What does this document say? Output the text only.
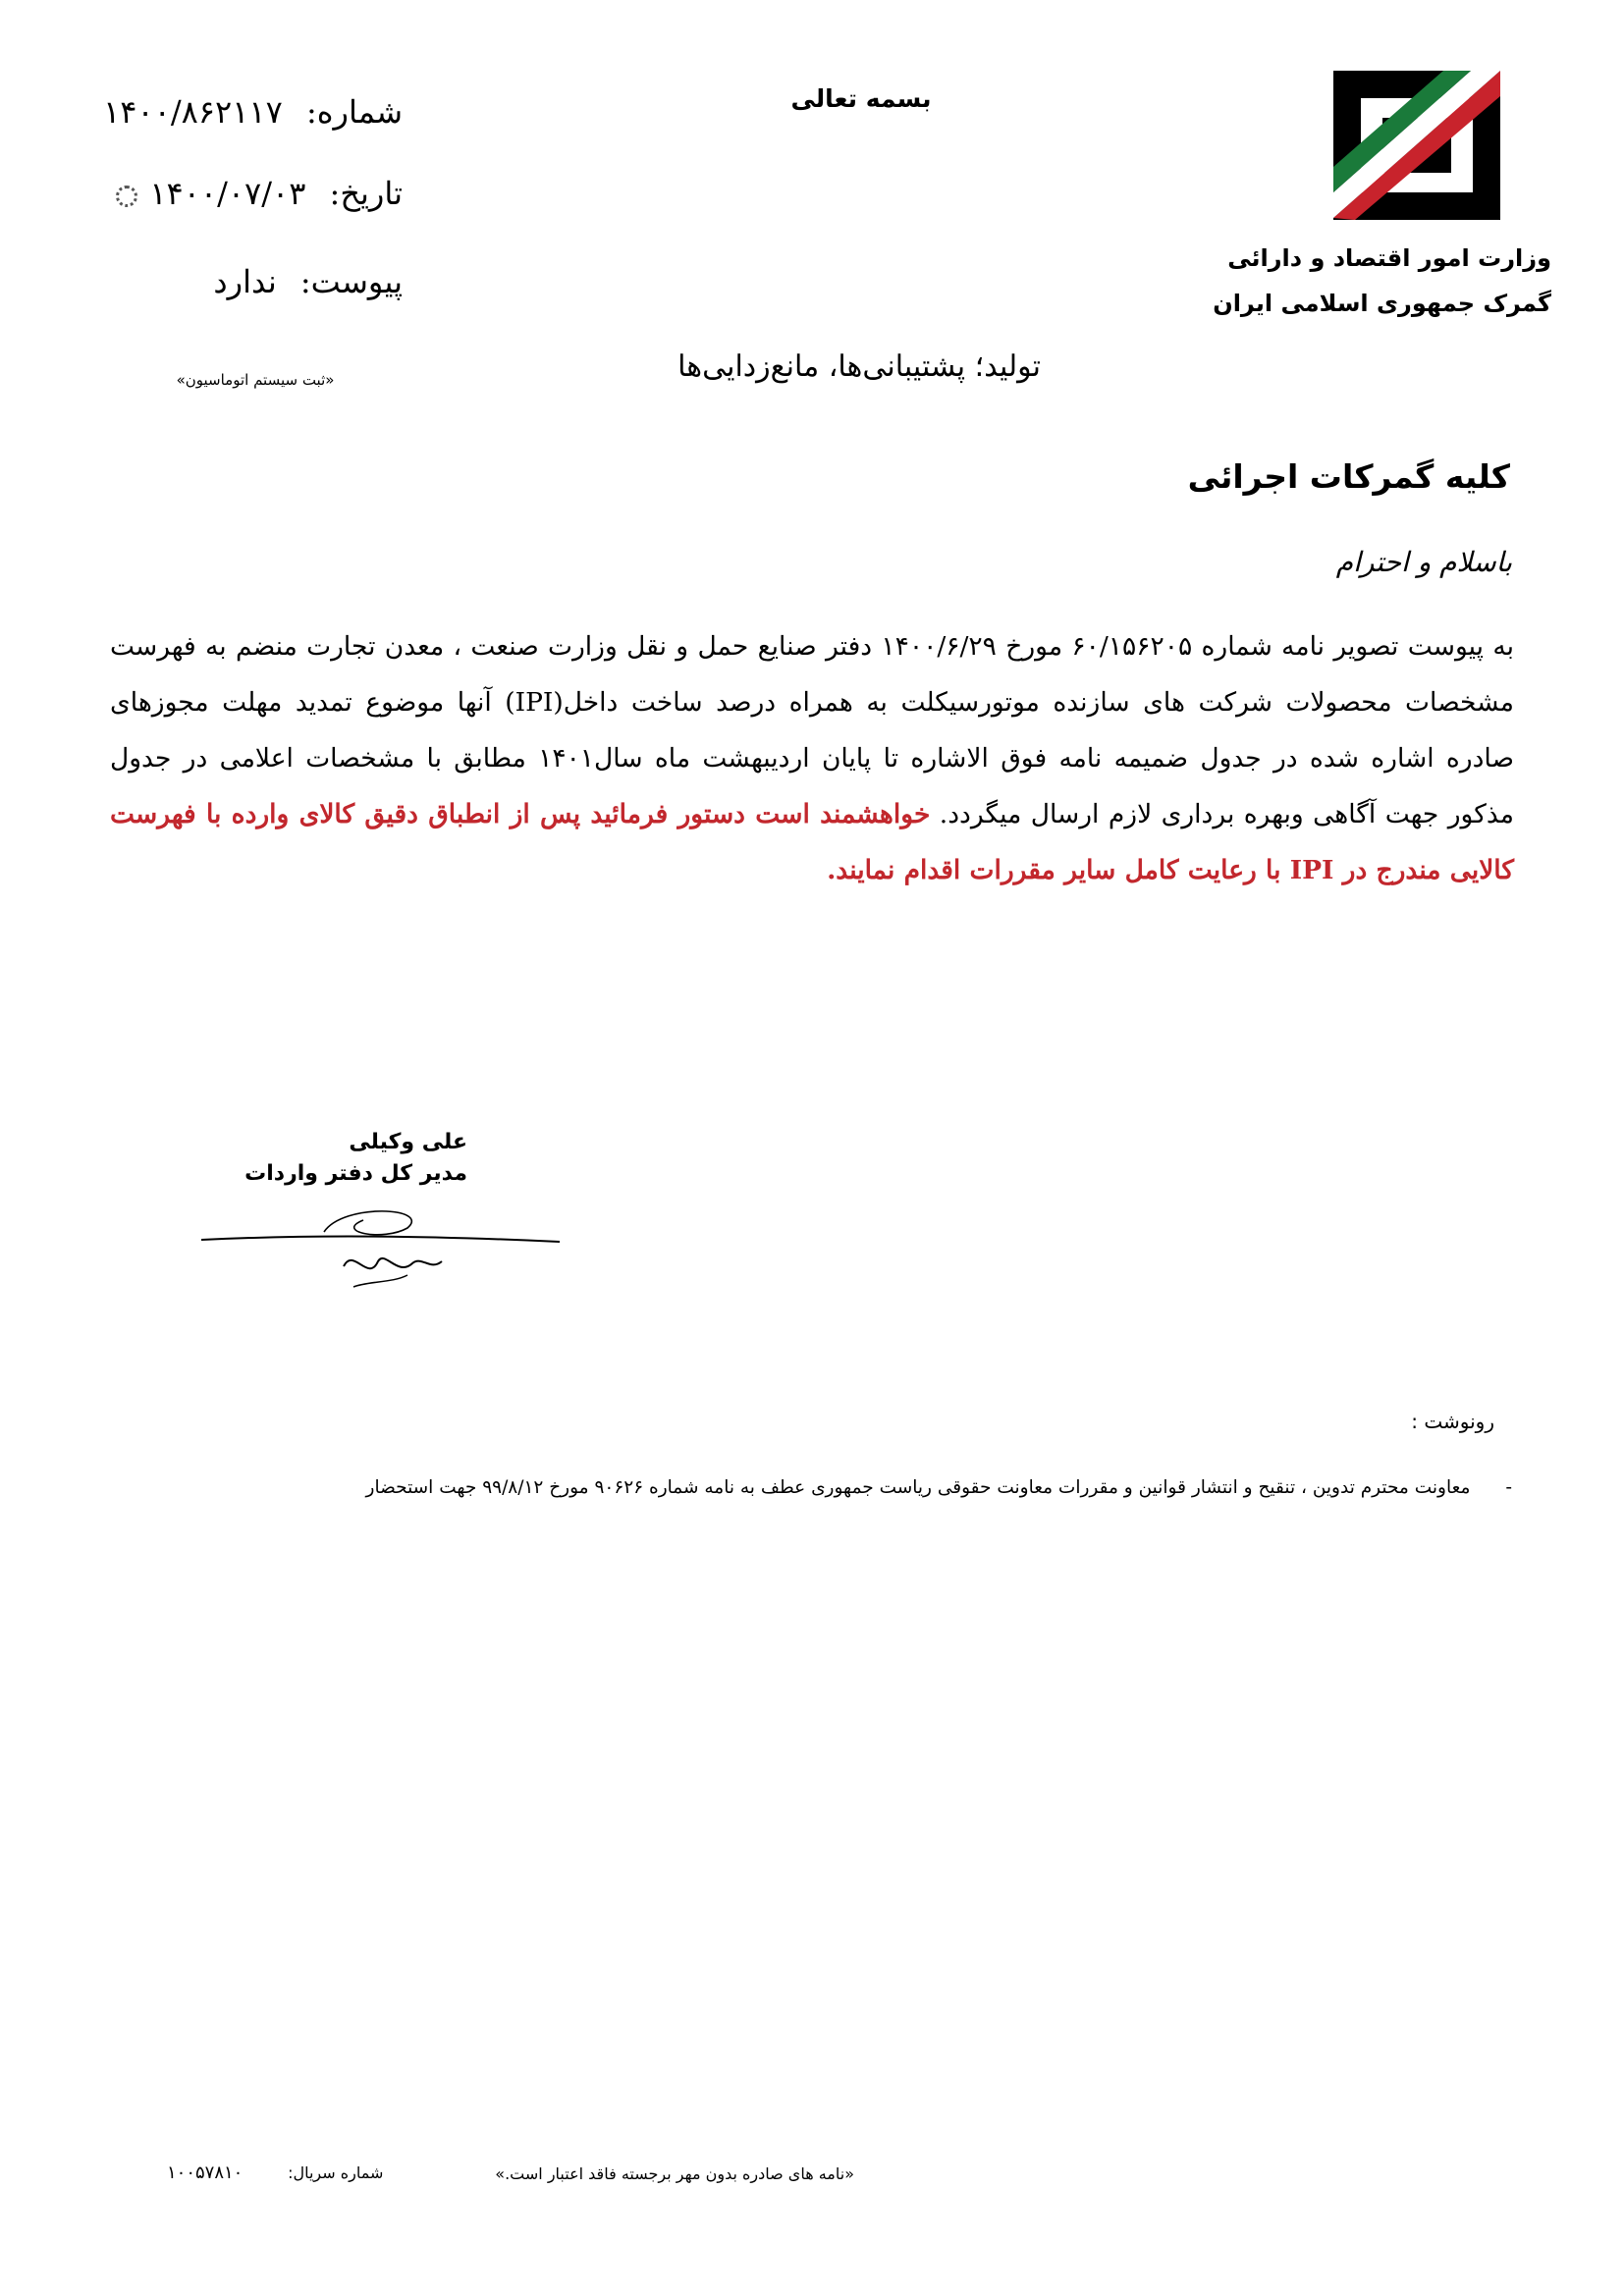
بسمه تعالی
وزارت امور اقتصاد و دارائی
گمرک جمهوری اسلامی ایران
شماره: ۱۴۰۰/۸۶۲۱۱۷
تاریخ: ۱۴۰۰/۰۷/۰۳
پیوست: ندارد
«ثبت سیستم اتوماسیون»	تولید؛ پشتیبانی‌ها، مانع‌زدایی‌ها
کلیه گمرکات اجرائی
باسلام و احترام
به پیوست تصویر نامه شماره ۶۰/۱۵۶۲۰۵ مورخ ۱۴۰۰/۶/۲۹ دفتر صنایع حمل و نقل وزارت صنعت ، معدن تجارت منضم به فهرست مشخصات محصولات شرکت های سازنده موتورسیکلت به همراه درصد ساخت داخل(IPI) آنها موضوع تمدید مهلت مجوزهای صادره اشاره شده در جدول ضمیمه نامه فوق الاشاره تا پایان اردیبهشت ماه سال۱۴۰۱ مطابق با مشخصات اعلامی در جدول مذکور جهت آگاهی وبهره برداری لازم ارسال میگردد. خواهشمند است دستور فرمائید پس از انطباق دقیق کالای وارده با فهرست کالایی مندرج در IPI با رعایت کامل سایر مقررات اقدام نمایند.
علی وکیلی
مدیر کل دفتر واردات
رونوشت :
- معاونت محترم تدوین ، تنقیح و انتشار قوانین و مقررات معاونت حقوقی ریاست جمهوری عطف به نامه شماره ۹۰۶۲۶ مورخ ۹۹/۸/۱۲ جهت استحضار
«نامه های صادره بدون مهر برجسته فاقد اعتبار است.»
شماره سریال: ۱۰۰۵۷۸۱۰
